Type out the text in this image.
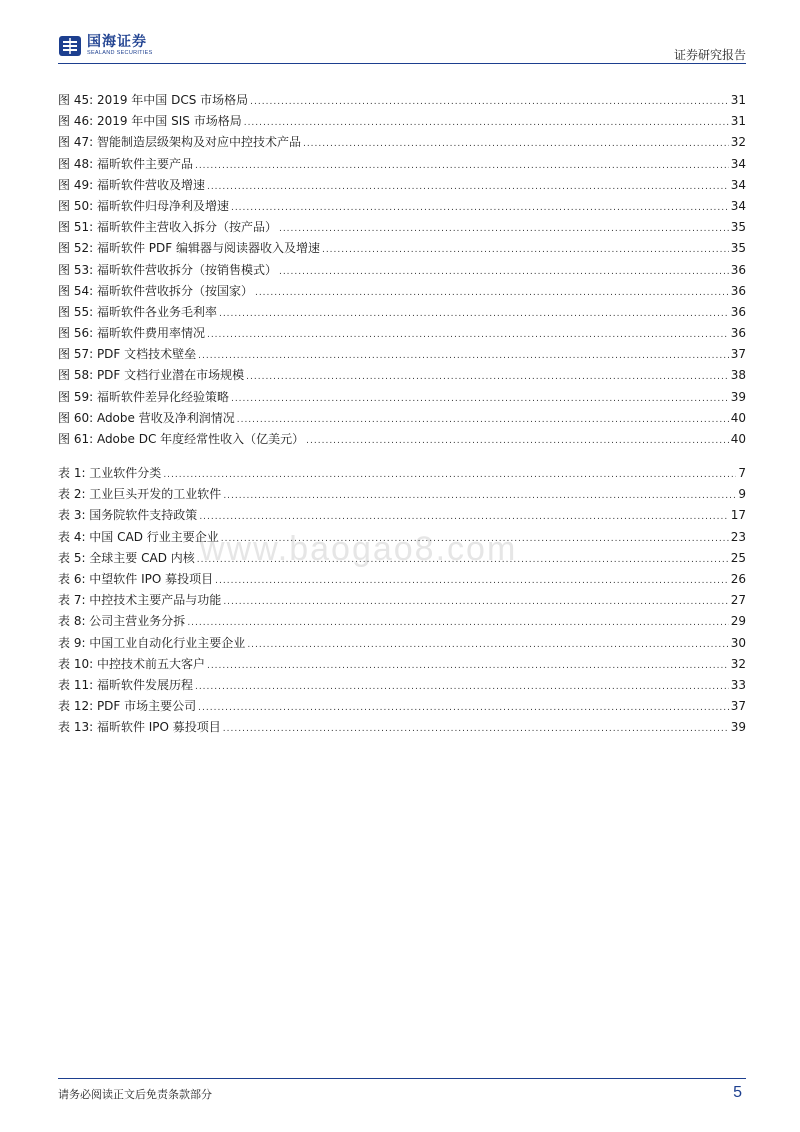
国海证券
SEALAND SECURITIES	证券研究报告
图 45: 2019 年中国 DCS 市场格局 .....	31
图 46: 2019 年中国 SIS 市场格局 .....	31
图 47: 智能制造层级架构及对应中控技术产品 .....	32
图 48: 福昕软件主要产品 .....	34
图 49: 福昕软件营收及增速 .....	34
图 50: 福昕软件归母净利及增速 .....	34
图 51: 福昕软件主营收入拆分（按产品） .....	35
图 52: 福昕软件 PDF 编辑器与阅读器收入及增速 .....	35
图 53: 福昕软件营收拆分（按销售模式） .....	36
图 54: 福昕软件营收拆分（按国家） .....	36
图 55: 福昕软件各业务毛利率 .....	36
图 56: 福昕软件费用率情况 .....	36
图 57: PDF 文档技术壁垒 .....	37
图 58: PDF 文档行业潜在市场规模 .....	38
图 59: 福昕软件差异化经验策略 .....	39
图 60: Adobe 营收及净利润情况 .....	40
图 61: Adobe DC 年度经常性收入（亿美元） .....	40
www.baogao8.com
表 1: 工业软件分类 .....	7
表 2: 工业巨头开发的工业软件 .....	9
表 3: 国务院软件支持政策 .....	17
表 4: 中国 CAD 行业主要企业 .....	23
表 5: 全球主要 CAD 内核 .....	25
表 6: 中望软件 IPO 募投项目 .....	26
表 7: 中控技术主要产品与功能 .....	27
表 8: 公司主营业务分拆 .....	29
表 9: 中国工业自动化行业主要企业 .....	30
表 10: 中控技术前五大客户 .....	32
表 11: 福昕软件发展历程 .....	33
表 12: PDF 市场主要公司 .....	37
表 13: 福昕软件 IPO 募投项目 .....	39
请务必阅读正文后免责条款部分	5
